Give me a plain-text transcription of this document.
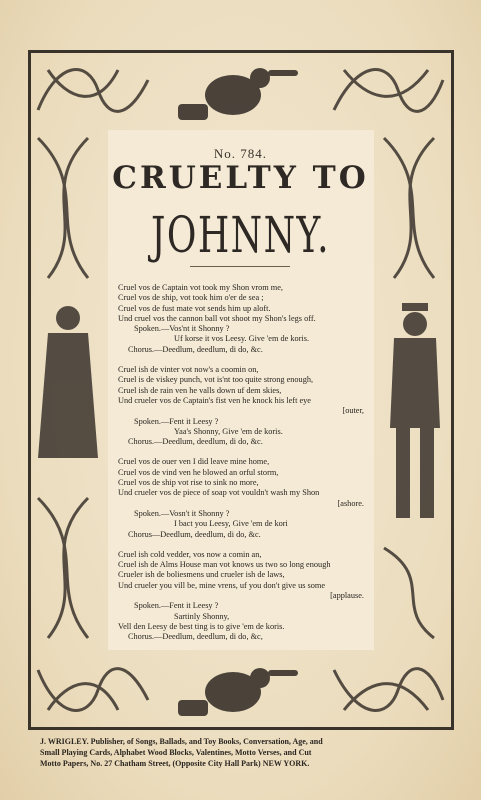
No. 784.
CRUELTY TO
JOHNNY.
Cruel vos de Captain vot took my Shon vrom me,
Cruel vos de ship, vot took him o'er de sea ;
Cruel vos de fust mate vot sends him up aloft.
Und cruel vos the cannon ball vot shoot my Shon's legs off.
Spoken.—Vos'nt it Shonny ?
Uf korse it vos Leesy. Give 'em de koris.
Chorus.—Deedlum, deedlum, di do, &c.
Cruel ish de vinter vot now's a coomin on,
Cruel is de viskey punch, vot is'nt too quite strong enough,
Cruel ish de rain ven he valls down uf dem skies,
Und crueler vos de Captain's fist ven he knock his left eye
[outer,
Spoken.—Fent it Leesy ?
Yaa's Shonny, Give 'em de koris.
Chorus.—Deedlum, deedlum, di do, &c.
Cruel vos de ouer ven I did leave mine home,
Cruel vos de vind ven he blowed an orful storm,
Cruel vos de ship vot rise to sink no more,
Und crueler vos de piece of soap vot vouldn't wash my Shon
[ashore.
Spoken.—Vosn't it Shonny ?
I bact you Leesy, Give 'em de kori
Chorus—Deedlum, deedlum, di do, &c.
Cruel ish cold vedder, vos now a comin an,
Cruel ish de Alms House man vot knows us two so long enough
Crueler ish de boliesmens und crueler ish de laws,
Und crueler you vill be, mine vrens, uf you don't give us some
[applause.
Spoken.—Fent it Leesy ?
Sartinly Shonny,
Vell den Leesy de best ting is to give 'em de koris.
Chorus.—Deedlum, deedlum, di do, &c,
J. WRIGLEY. Publisher, of Songs, Ballads, and Toy Books, Conversation, Age, and
Small Playing Cards, Alphabet Wood Blocks, Valentines, Motto Verses, and Cut
Motto Papers, No. 27 Chatham Street, (Opposite City Hall Park) NEW YORK.
